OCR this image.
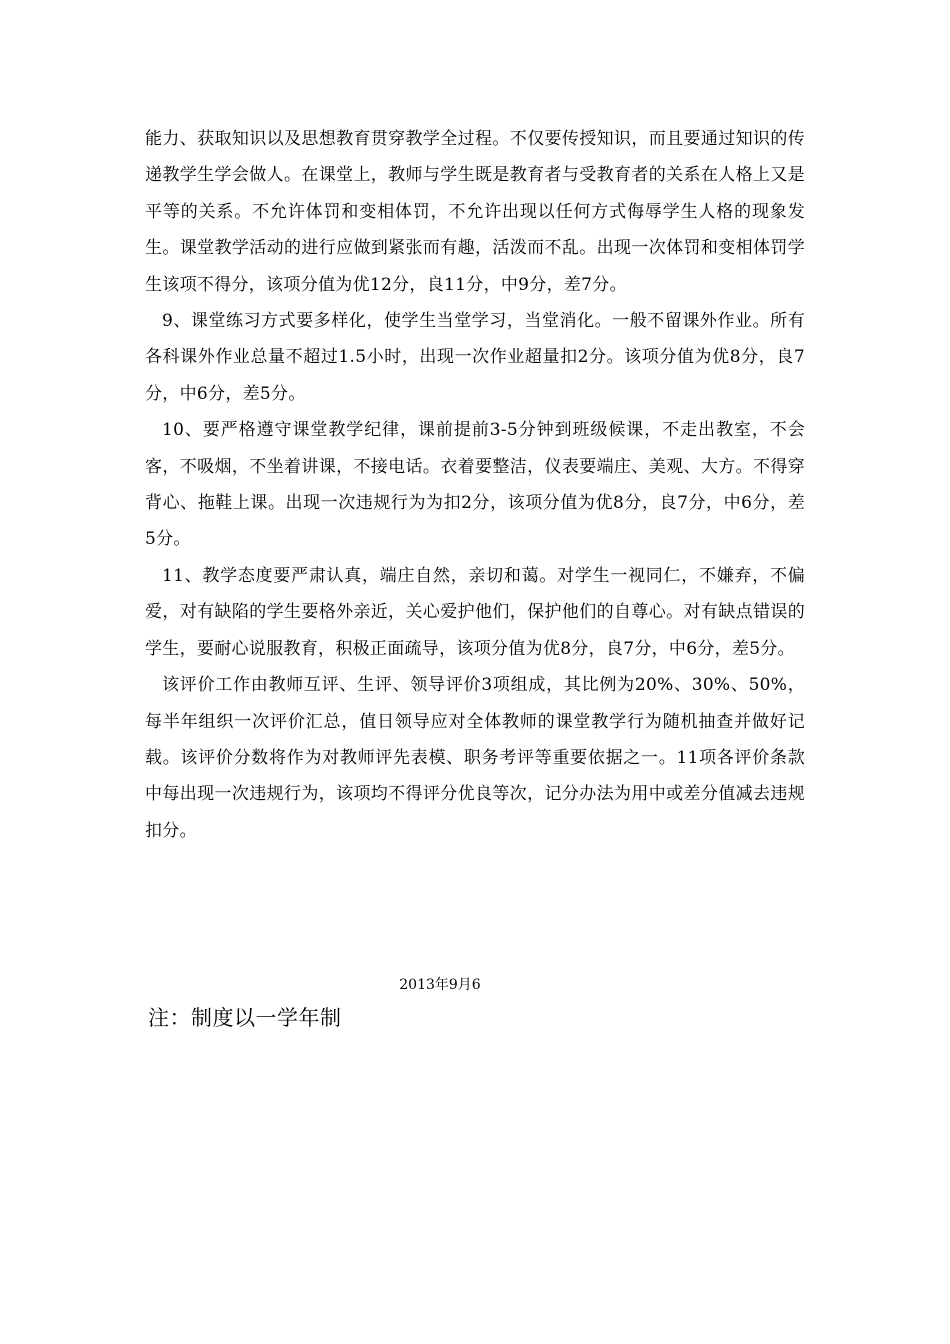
能力、获取知识以及思想教育贯穿教学全过程。不仅要传授知识，而且要通过知识的传递教学生学会做人。在课堂上，教师与学生既是教育者与受教育者的关系在人格上又是平等的关系。不允许体罚和变相体罚，不允许出现以任何方式侮辱学生人格的现象发生。课堂教学活动的进行应做到紧张而有趣，活泼而不乱。出现一次体罚和变相体罚学生该项不得分，该项分值为优12分，良11分，中9分，差7分。

9、课堂练习方式要多样化，使学生当堂学习，当堂消化。一般不留课外作业。所有各科课外作业总量不超过1.5小时，出现一次作业超量扣2分。该项分值为优8分，良7分，中6分，差5分。

10、要严格遵守课堂教学纪律，课前提前3-5分钟到班级候课，不走出教室，不会客，不吸烟，不坐着讲课，不接电话。衣着要整洁，仪表要端庄、美观、大方。不得穿背心、拖鞋上课。出现一次违规行为为扣2分，该项分值为优8分，良7分，中6分，差5分。

11、教学态度要严肃认真，端庄自然，亲切和蔼。对学生一视同仁，不嫌弃，不偏爱，对有缺陷的学生要格外亲近，关心爱护他们，保护他们的自尊心。对有缺点错误的学生，要耐心说服教育，积极正面疏导，该项分值为优8分，良7分，中6分，差5分。

该评价工作由教师互评、生评、领导评价3项组成，其比例为20%、30%、50%，每半年组织一次评价汇总，值日领导应对全体教师的课堂教学行为随机抽查并做好记载。该评价分数将作为对教师评先表模、职务考评等重要依据之一。11项各评价条款中每出现一次违规行为，该项均不得评分优良等次，记分办法为用中或差分值减去违规扣分。

2013年9月6
注：制度以一学年制
